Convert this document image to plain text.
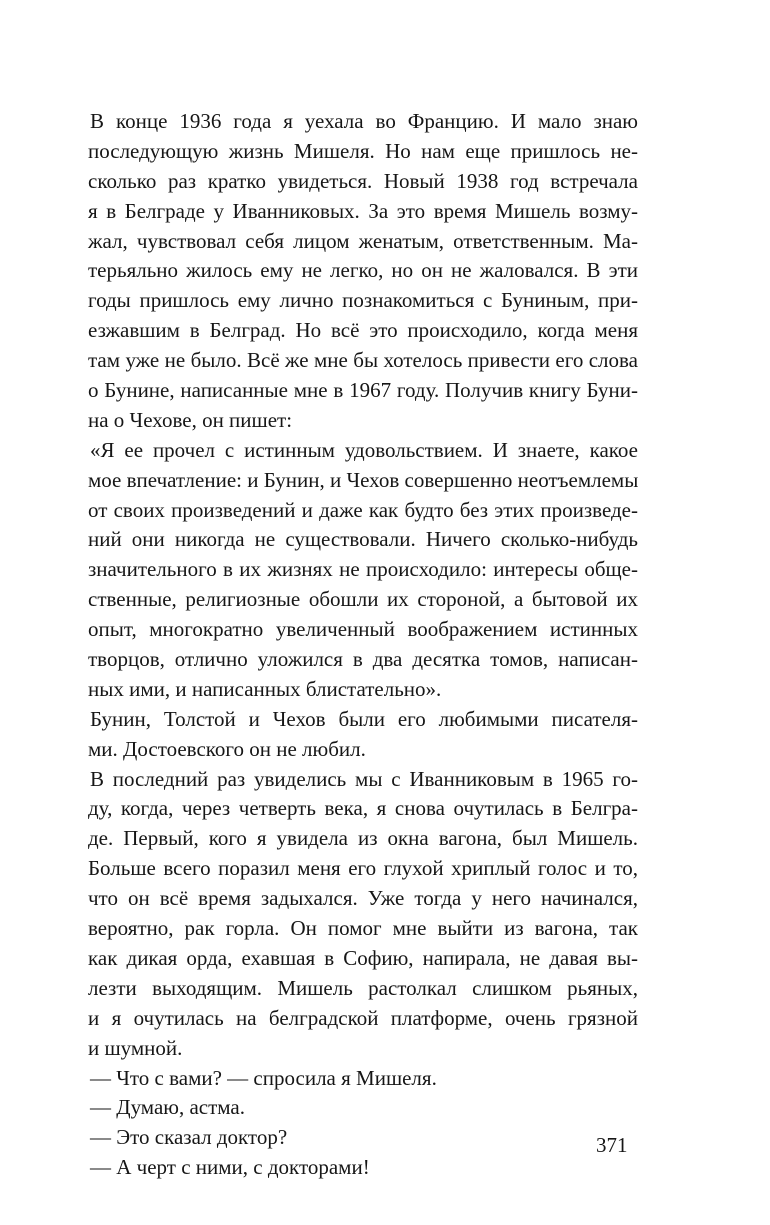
В конце 1936 года я уехала во Францию. И мало знаю
последующую жизнь Мишеля. Но нам еще пришлось не-
сколько раз кратко увидеться. Новый 1938 год встречала
я в Белграде у Иванниковых. За это время Мишель возму-
жал, чувствовал себя лицом женатым, ответственным. Ма-
терьяльно жилось ему не легко, но он не жаловался. В эти
годы пришлось ему лично познакомиться с Буниным, при-
езжавшим в Белград. Но всё это происходило, когда меня
там уже не было. Всё же мне бы хотелось привести его слова
о Бунине, написанные мне в 1967 году. Получив книгу Буни-
на о Чехове, он пишет:
«Я ее прочел с истинным удовольствием. И знаете, какое
мое впечатление: и Бунин, и Чехов совершенно неотъемлемы
от своих произведений и даже как будто без этих произведе-
ний они никогда не существовали. Ничего сколько-нибудь
значительного в их жизнях не происходило: интересы обще-
ственные, религиозные обошли их стороной, а бытовой их
опыт, многократно увеличенный воображением истинных
творцов, отлично уложился в два десятка томов, написан-
ных ими, и написанных блистательно».
Бунин, Толстой и Чехов были его любимыми писателя-
ми. Достоевского он не любил.
В последний раз увиделись мы с Иванниковым в 1965 го-
ду, когда, через четверть века, я снова очутилась в Белгра-
де. Первый, кого я увидела из окна вагона, был Мишель.
Больше всего поразил меня его глухой хриплый голос и то,
что он всё время задыхался. Уже тогда у него начинался,
вероятно, рак горла. Он помог мне выйти из вагона, так
как дикая орда, ехавшая в Софию, напирала, не давая вы-
лезти выходящим. Мишель растолкал слишком рьяных,
и я очутилась на белградской платформе, очень грязной
и шумной.
— Что с вами? — спросила я Мишеля.
— Думаю, астма.
— Это сказал доктор?
— А черт с ними, с докторами!
371
